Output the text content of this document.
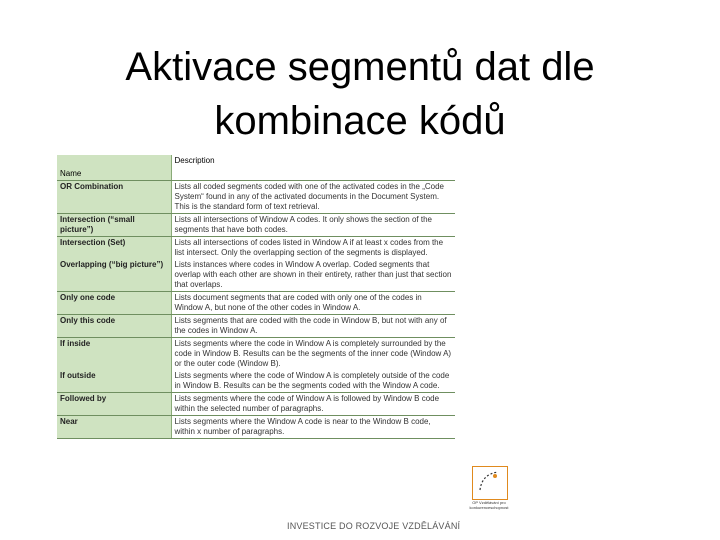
Aktivace segmentů dat dle
kombinace kódů
Name	Description
OR Combination	Lists all coded segments coded with one of the activated codes in the „Code System“ found in any of the activated documents in the Document System. This is the standard form of text retrieval.
Intersection (“small picture”)	Lists all intersections of Window A codes. It only shows the section of the segments that have both codes.
Intersection (Set)	Lists all intersections of codes listed in Window A if at least x codes from the list intersect. Only the overlapping section of the segments is displayed.
Overlapping (“big picture”)	Lists instances where codes in Window A overlap. Coded segments that overlap with each other are shown in their entirety, rather than just that section that overlaps.
Only one code	Lists document segments that are coded with only one of the codes in Window A, but none of the other codes in Window A.
Only this code	Lists segments that are coded with the code in Window B, but not with any of the codes in Window A.
If inside	Lists segments where the code in Window A is completely surrounded by the code in Window B. Results can be the segments of the inner code (Window A) or the outer code (Window B).
If outside	Lists segments where the code of Window A is completely outside of the code in Window B. Results can be the segments coded with the Window A code.
Followed by	Lists segments where the code of Window A is followed by Window B code within the selected number of paragraphs.
Near	Lists segments where the Window A code is near to the Window B code, within x number of paragraphs.
OP Vzdělávání pro konkurenceschopnost
INVESTICE DO ROZVOJE VZDĚLÁVÁNÍ
